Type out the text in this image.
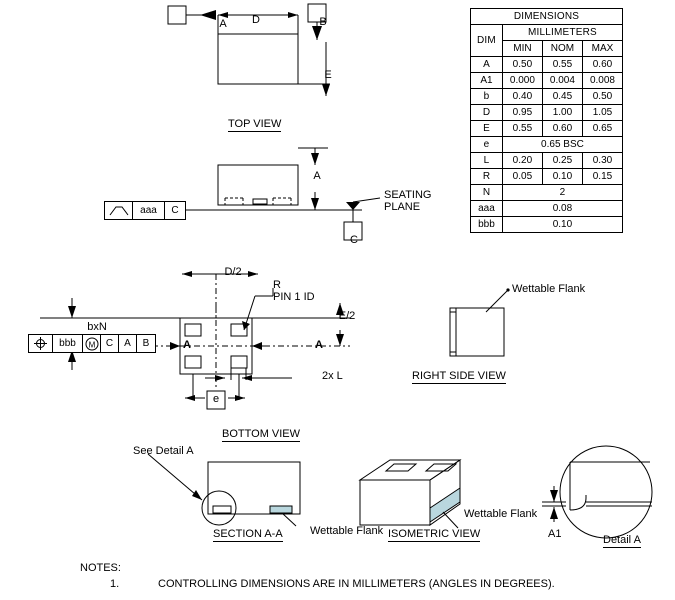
DIMENSIONS			
DIM	MILLIMETERS		
	MIN	NOM	MAX
A	0.50	0.55	0.60
A1	0.000	0.004	0.008
b	0.40	0.45	0.50
D	0.95	1.00	1.05
E	0.55	0.60	0.65
e	0.65 BSC		
L	0.20	0.25	0.30
R	0.05	0.10	0.15
N	2		
aaa	0.08		
bbb	0.10		
A	B
D
E
TOP VIEW
A
SEATING
PLANE
C
aaa	C
D/2
R
PIN 1 ID
bxN
E/2
A	A
2x L
e
BOTTOM VIEW
bbb	M	C	A	B
Wettable Flank
RIGHT SIDE VIEW
See Detail A
SECTION A-A Wettable Flank
Wettable Flank
ISOMETRIC VIEW	A1	Detail A
NOTES:
1.	CONTROLLING DIMENSIONS ARE IN MILLIMETERS (ANGLES IN DEGREES).
